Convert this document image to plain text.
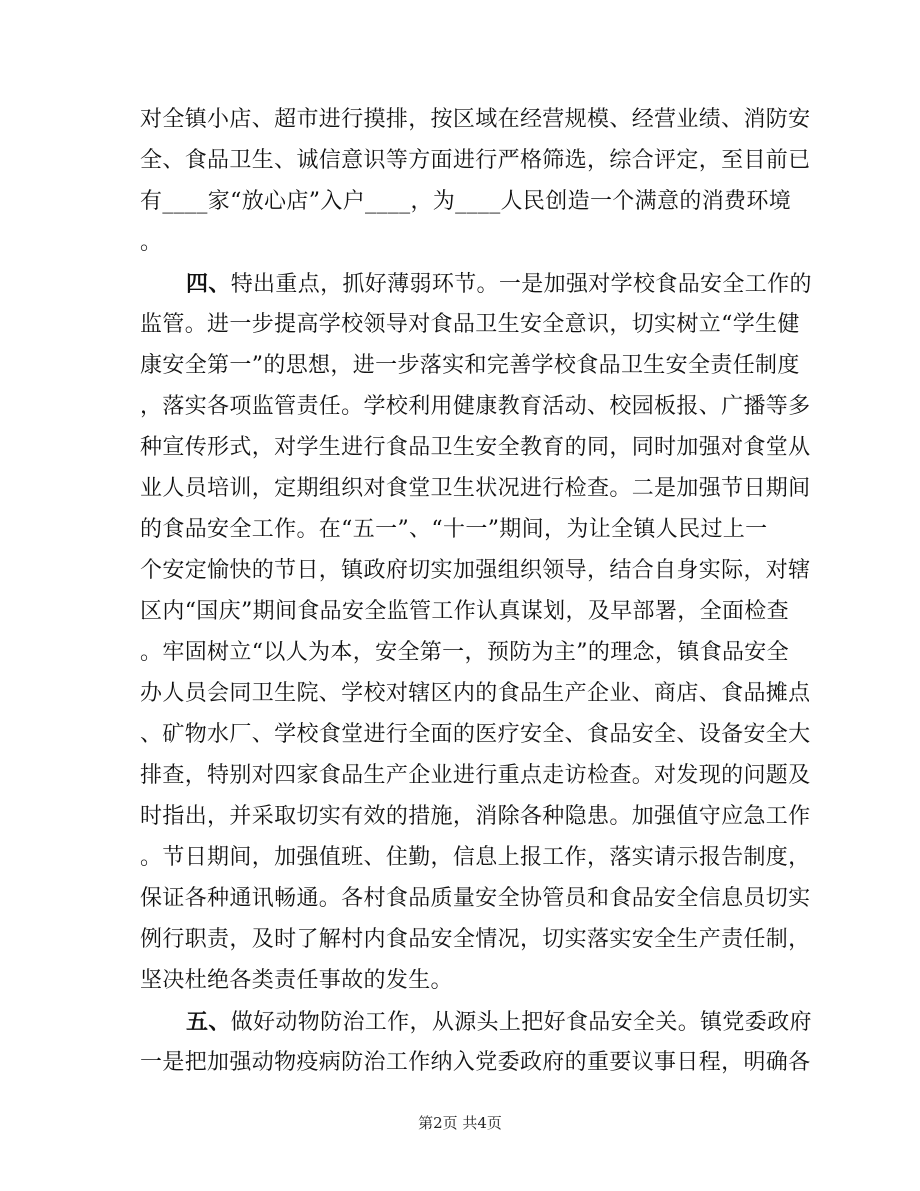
对全镇小店、超市进行摸排，按区域在经营规模、经营业绩、消防安
全、食品卫生、诚信意识等方面进行严格筛选，综合评定，至目前已
有____家“放心店”入户____，为____人民创造一个满意的消费环境
。
四、特出重点，抓好薄弱环节。一是加强对学校食品安全工作的
监管。进一步提高学校领导对食品卫生安全意识，切实树立“学生健
康安全第一”的思想，进一步落实和完善学校食品卫生安全责任制度
，落实各项监管责任。学校利用健康教育活动、校园板报、广播等多
种宣传形式，对学生进行食品卫生安全教育的同，同时加强对食堂从
业人员培训，定期组织对食堂卫生状况进行检查。二是加强节日期间
的食品安全工作。在“五一”、“十一”期间，为让全镇人民过上一
个安定愉快的节日，镇政府切实加强组织领导，结合自身实际，对辖
区内“国庆”期间食品安全监管工作认真谋划，及早部署，全面检查
。牢固树立“以人为本，安全第一，预防为主”的理念，镇食品安全
办人员会同卫生院、学校对辖区内的食品生产企业、商店、食品摊点
、矿物水厂、学校食堂进行全面的医疗安全、食品安全、设备安全大
排查，特别对四家食品生产企业进行重点走访检查。对发现的问题及
时指出，并采取切实有效的措施，消除各种隐患。加强值守应急工作
。节日期间，加强值班、住勤，信息上报工作，落实请示报告制度，
保证各种通讯畅通。各村食品质量安全协管员和食品安全信息员切实
例行职责，及时了解村内食品安全情况，切实落实安全生产责任制，
坚决杜绝各类责任事故的发生。
五、做好动物防治工作，从源头上把好食品安全关。镇党委政府
一是把加强动物疫病防治工作纳入党委政府的重要议事日程，明确各
第2页 共4页
